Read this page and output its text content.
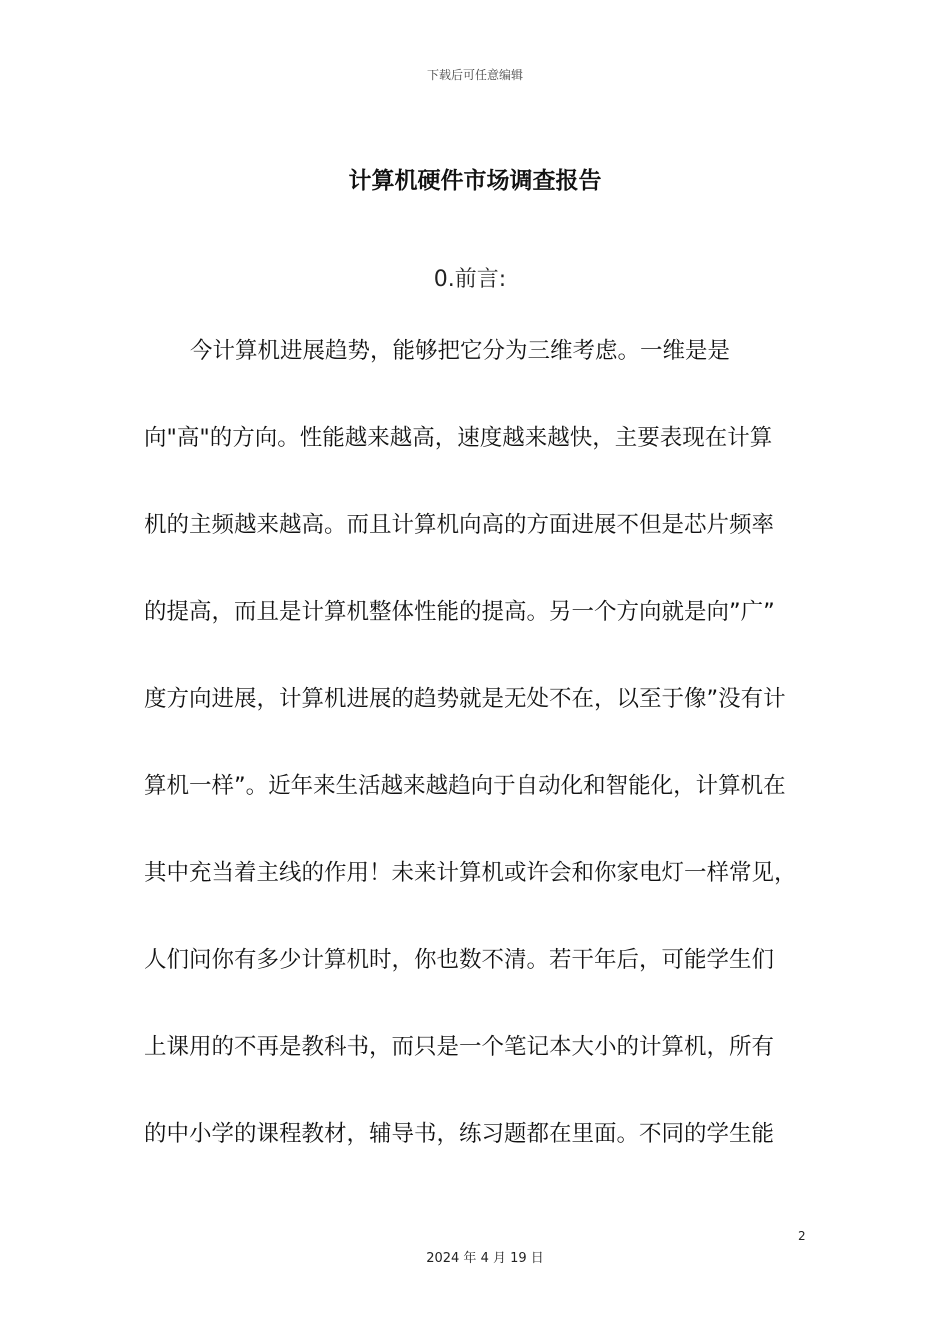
下载后可任意编辑
计算机硬件市场调查报告
0.前言:
今计算机进展趋势，能够把它分为三维考虑。一维是是
向"高"的方向。性能越来越高，速度越来越快，主要表现在计算
机的主频越来越高。而且计算机向高的方面进展不但是芯片频率
的提高，而且是计算机整体性能的提高。另一个方向就是向”广”
度方向进展，计算机进展的趋势就是无处不在，以至于像”没有计
算机一样”。近年来生活越来越趋向于自动化和智能化，计算机在
其中充当着主线的作用！未来计算机或许会和你家电灯一样常见，
人们问你有多少计算机时，你也数不清。若干年后，可能学生们
上课用的不再是教科书，而只是一个笔记本大小的计算机，所有
的中小学的课程教材，辅导书，练习题都在里面。不同的学生能
2
2024 年 4 月 19 日
